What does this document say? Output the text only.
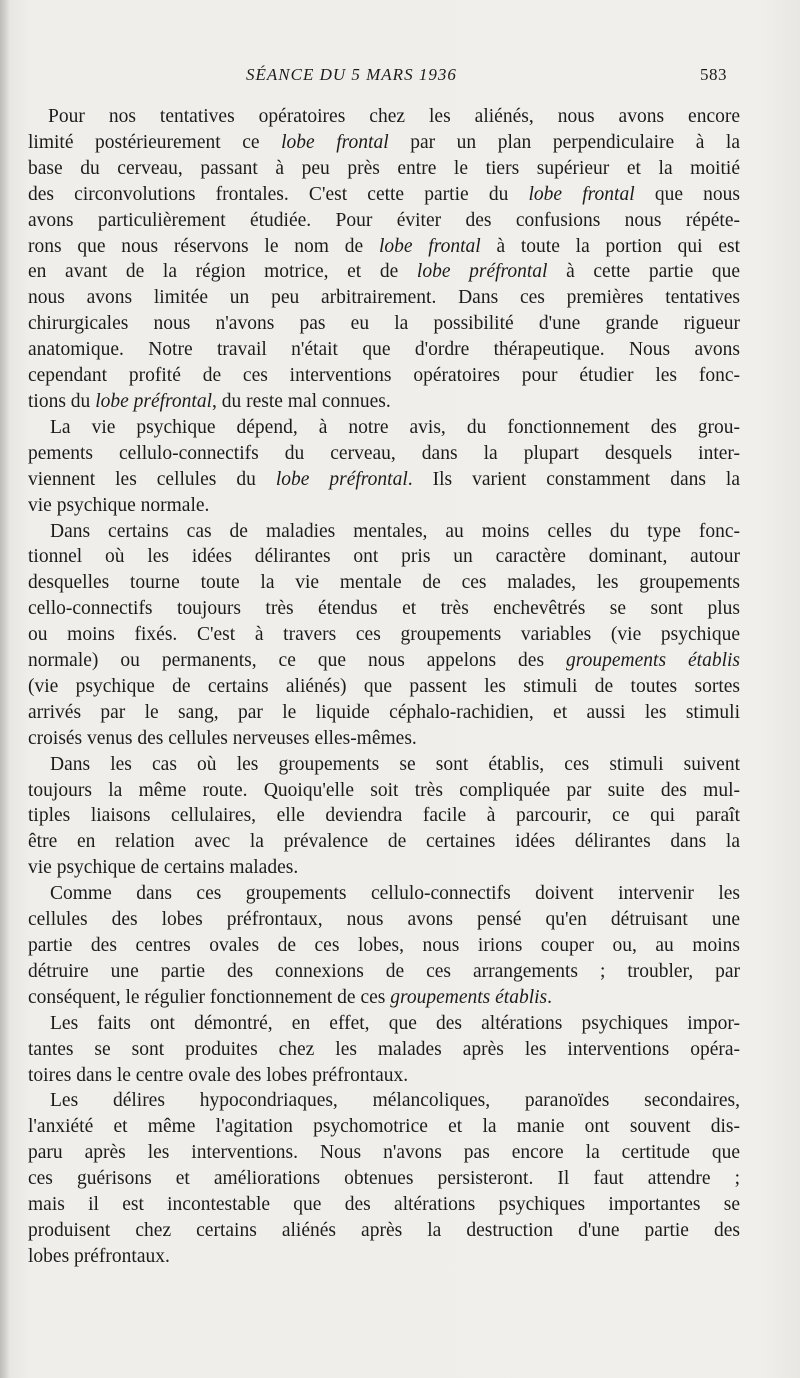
SÉANCE DU 5 MARS 1936	583
Pour nos tentatives opératoires chez les aliénés, nous avons encore
limité postérieurement ce lobe frontal par un plan perpendiculaire à la
base du cerveau, passant à peu près entre le tiers supérieur et la moitié
des circonvolutions frontales. C'est cette partie du lobe frontal que nous
avons particulièrement étudiée. Pour éviter des confusions nous répéte-
rons que nous réservons le nom de lobe frontal à toute la portion qui est
en avant de la région motrice, et de lobe préfrontal à cette partie que
nous avons limitée un peu arbitrairement. Dans ces premières tentatives
chirurgicales nous n'avons pas eu la possibilité d'une grande rigueur
anatomique. Notre travail n'était que d'ordre thérapeutique. Nous avons
cependant profité de ces interventions opératoires pour étudier les fonc-
tions du lobe préfrontal, du reste mal connues.
La vie psychique dépend, à notre avis, du fonctionnement des grou-
pements cellulo-connectifs du cerveau, dans la plupart desquels inter-
viennent les cellules du lobe préfrontal. Ils varient constamment dans la
vie psychique normale.
Dans certains cas de maladies mentales, au moins celles du type fonc-
tionnel où les idées délirantes ont pris un caractère dominant, autour
desquelles tourne toute la vie mentale de ces malades, les groupements
cello-connectifs toujours très étendus et très enchevêtrés se sont plus
ou moins fixés. C'est à travers ces groupements variables (vie psychique
normale) ou permanents, ce que nous appelons des groupements établis
(vie psychique de certains aliénés) que passent les stimuli de toutes sortes
arrivés par le sang, par le liquide céphalo-rachidien, et aussi les stimuli
croisés venus des cellules nerveuses elles-mêmes.
Dans les cas où les groupements se sont établis, ces stimuli suivent
toujours la même route. Quoiqu'elle soit très compliquée par suite des mul-
tiples liaisons cellulaires, elle deviendra facile à parcourir, ce qui paraît
être en relation avec la prévalence de certaines idées délirantes dans la
vie psychique de certains malades.
Comme dans ces groupements cellulo-connectifs doivent intervenir les
cellules des lobes préfrontaux, nous avons pensé qu'en détruisant une
partie des centres ovales de ces lobes, nous irions couper ou, au moins
détruire une partie des connexions de ces arrangements ; troubler, par
conséquent, le régulier fonctionnement de ces groupements établis.
Les faits ont démontré, en effet, que des altérations psychiques impor-
tantes se sont produites chez les malades après les interventions opéra-
toires dans le centre ovale des lobes préfrontaux.
Les délires hypocondriaques, mélancoliques, paranoïdes secondaires,
l'anxiété et même l'agitation psychomotrice et la manie ont souvent dis-
paru après les interventions. Nous n'avons pas encore la certitude que
ces guérisons et améliorations obtenues persisteront. Il faut attendre ;
mais il est incontestable que des altérations psychiques importantes se
produisent chez certains aliénés après la destruction d'une partie des
lobes préfrontaux.
